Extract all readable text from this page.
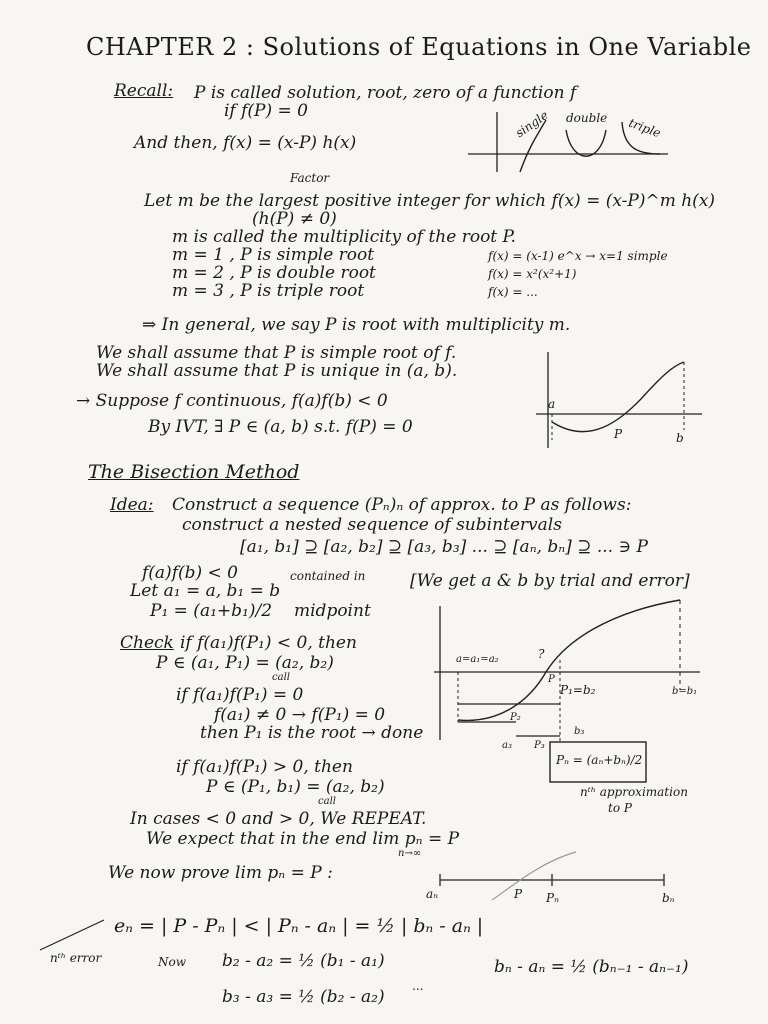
CHAPTER 2 : Solutions of Equations in One Variable
Recall: P is called solution, root, zero of a function f
if f(P) = 0
And then, f(x) = (x-P) h(x)
Factor
single double triple
Let m be the largest positive integer for which f(x) = (x-P)^m h(x)
(h(P) ≠ 0)
m is called the multiplicity of the root P.
m = 1 , P is simple root
m = 2 , P is double root
m = 3 , P is triple root
f(x) = (x-1) e^x → x=1 simple
f(x) = x²(x²+1)
f(x) = ...
⇒ In general, we say P is root with multiplicity m.
We shall assume that P is simple root of f.
We shall assume that P is unique in (a, b).
→ Suppose f continuous, f(a)f(b) < 0
By IVT, ∃ P ∈ (a, b) s.t. f(P) = 0
a
P	b
The Bisection Method
Idea: Construct a sequence (Pₙ)ₙ of approx. to P as follows:
construct a nested sequence of subintervals
[a₁, b₁] ⊇ [a₂, b₂] ⊇ [a₃, b₃] ... ⊇ [aₙ, bₙ] ⊇ ... ∋ P
contained in	[We get a & b by trial and error]
f(a)f(b) < 0
Let a₁ = a, b₁ = b
P₁ = (a₁+b₁)/2 midpoint
Check if f(a₁)f(P₁) < 0, then
P ∈ (a₁, P₁) = (a₂, b₂)
call
if f(a₁)f(P₁) = 0
f(a₁) ≠ 0 → f(P₁) = 0
then P₁ is the root → done
if f(a₁)f(P₁) > 0, then
P ∈ (P₁, b₁) = (a₂, b₂)
call
In cases < 0 and > 0, We REPEAT.
We expect that in the end lim pₙ = P
n→∞
a=a₁=a₂	?
P₁=b₂	b=b₁
P₂
a₃ P₃
b₃
Pₙ = (aₙ+bₙ)/2
nᵗʰ approximation
to P
P
We now prove lim pₙ = P :
aₙ	P Pₙ	bₙ
eₙ = | P - Pₙ | < | Pₙ - aₙ | = ½ | bₙ - aₙ |
nᵗʰ error	Now b₂ - a₂ = ½ (b₁ - a₁)
b₃ - a₃ = ½ (b₂ - a₂)
bₙ - aₙ = ½ (bₙ₋₁ - aₙ₋₁)
...
